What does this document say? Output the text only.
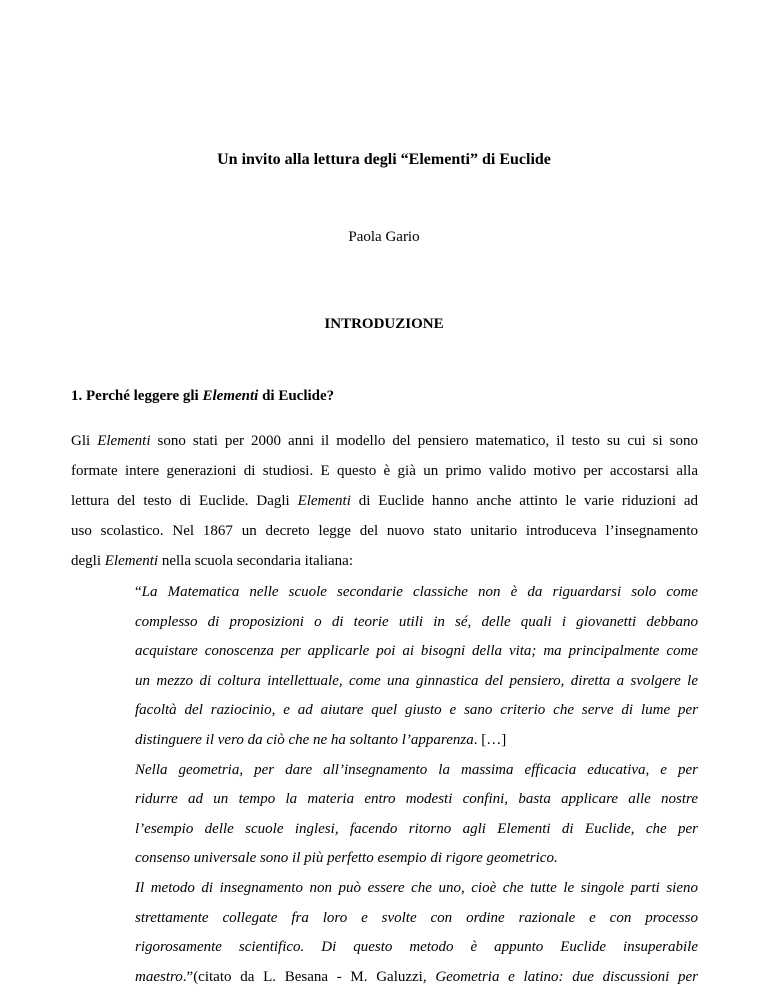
Un invito alla lettura degli “Elementi” di Euclide
Paola Gario
INTRODUZIONE
1. Perché leggere gli Elementi di Euclide?
Gli Elementi sono stati per 2000 anni il modello del pensiero matematico, il testo su cui si sono
formate intere generazioni di studiosi. E questo è già un primo valido motivo per accostarsi alla
lettura del testo di Euclide. Dagli Elementi di Euclide hanno anche attinto le varie riduzioni ad
uso scolastico. Nel 1867 un decreto legge del nuovo stato unitario introduceva l’insegnamento
degli Elementi nella scuola secondaria italiana:
“La Matematica nelle scuole secondarie classiche non è da riguardarsi solo come
complesso di proposizioni o di teorie utili in sé, delle quali i giovanetti debbano
acquistare conoscenza per applicarle poi ai bisogni della vita; ma principalmente come
un mezzo di coltura intellettuale, come una ginnastica del pensiero, diretta a svolgere le
facoltà del raziocinio, e ad aiutare quel giusto e sano criterio che serve di lume per
distinguere il vero da ciò che ne ha soltanto l’apparenza. […]
Nella geometria, per dare all’insegnamento la massima efficacia educativa, e per
ridurre ad un tempo la materia entro modesti confini, basta applicare alle nostre
l’esempio delle scuole inglesi, facendo ritorno agli Elementi di Euclide, che per
consenso universale sono il più perfetto esempio di rigore geometrico.
Il metodo di insegnamento non può essere che uno, cioè che tutte le singole parti sieno
strettamente collegate fra loro e svolte con ordine razionale e con processo
rigorosamente scientifico. Di questo metodo è appunto Euclide insuperabile
maestro.”(citato da L. Besana - M. Galuzzi, Geometria e latino: due discussioni per
